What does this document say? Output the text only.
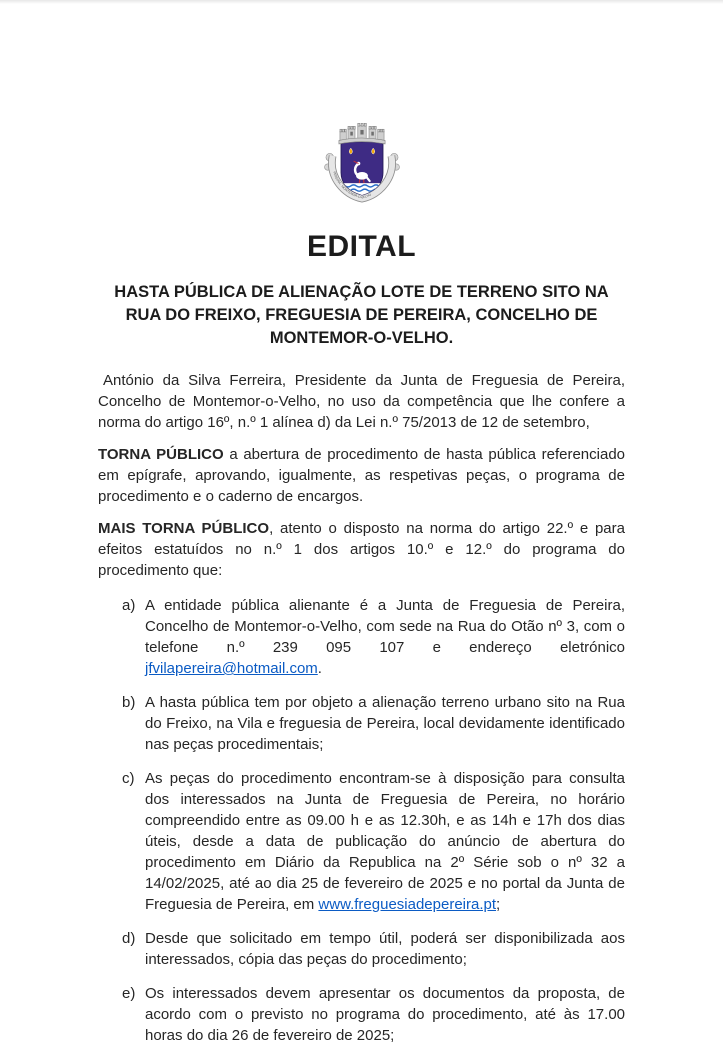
PEREIRA · MONTEMOR-O-VELHO
EDITAL
HASTA PÚBLICA DE ALIENAÇÃO LOTE DE TERRENO SITO NA RUA DO FREIXO, FREGUESIA DE PEREIRA, CONCELHO DE MONTEMOR-O-VELHO.

António da Silva Ferreira, Presidente da Junta de Freguesia de Pereira, Concelho de Montemor-o-Velho, no uso da competência que lhe confere a norma do artigo 16º, n.º 1 alínea d) da Lei n.º 75/2013 de 12 de setembro,

TORNA PÚBLICO a abertura de procedimento de hasta pública referenciado em epígrafe, aprovando, igualmente, as respetivas peças, o programa de procedimento e o caderno de encargos.

MAIS TORNA PÚBLICO, atento o disposto na norma do artigo 22.º e para efeitos estatuídos no n.º 1 dos artigos 10.º e 12.º do programa do procedimento que:

a) A entidade pública alienante é a Junta de Freguesia de Pereira, Concelho de Montemor-o-Velho, com sede na Rua do Otão nº 3, com o telefone n.º 239 095 107 e endereço eletrónico jfvilapereira@hotmail.com.
b) A hasta pública tem por objeto a alienação terreno urbano sito na Rua do Freixo, na Vila e freguesia de Pereira, local devidamente identificado nas peças procedimentais;
c) As peças do procedimento encontram-se à disposição para consulta dos interessados na Junta de Freguesia de Pereira, no horário compreendido entre as 09.00 h e as 12.30h, e as 14h e 17h dos dias úteis, desde a data de publicação do anúncio de abertura do procedimento em Diário da Republica na 2º Série sob o nº 32 a 14/02/2025, até ao dia 25 de fevereiro de 2025 e no portal da Junta de Freguesia de Pereira, em www.freguesiadepereira.pt;
d) Desde que solicitado em tempo útil, poderá ser disponibilizada aos interessados, cópia das peças do procedimento;
e) Os interessados devem apresentar os documentos da proposta, de acordo com o previsto no programa do procedimento, até às 17.00 horas do dia 26 de fevereiro de 2025;
